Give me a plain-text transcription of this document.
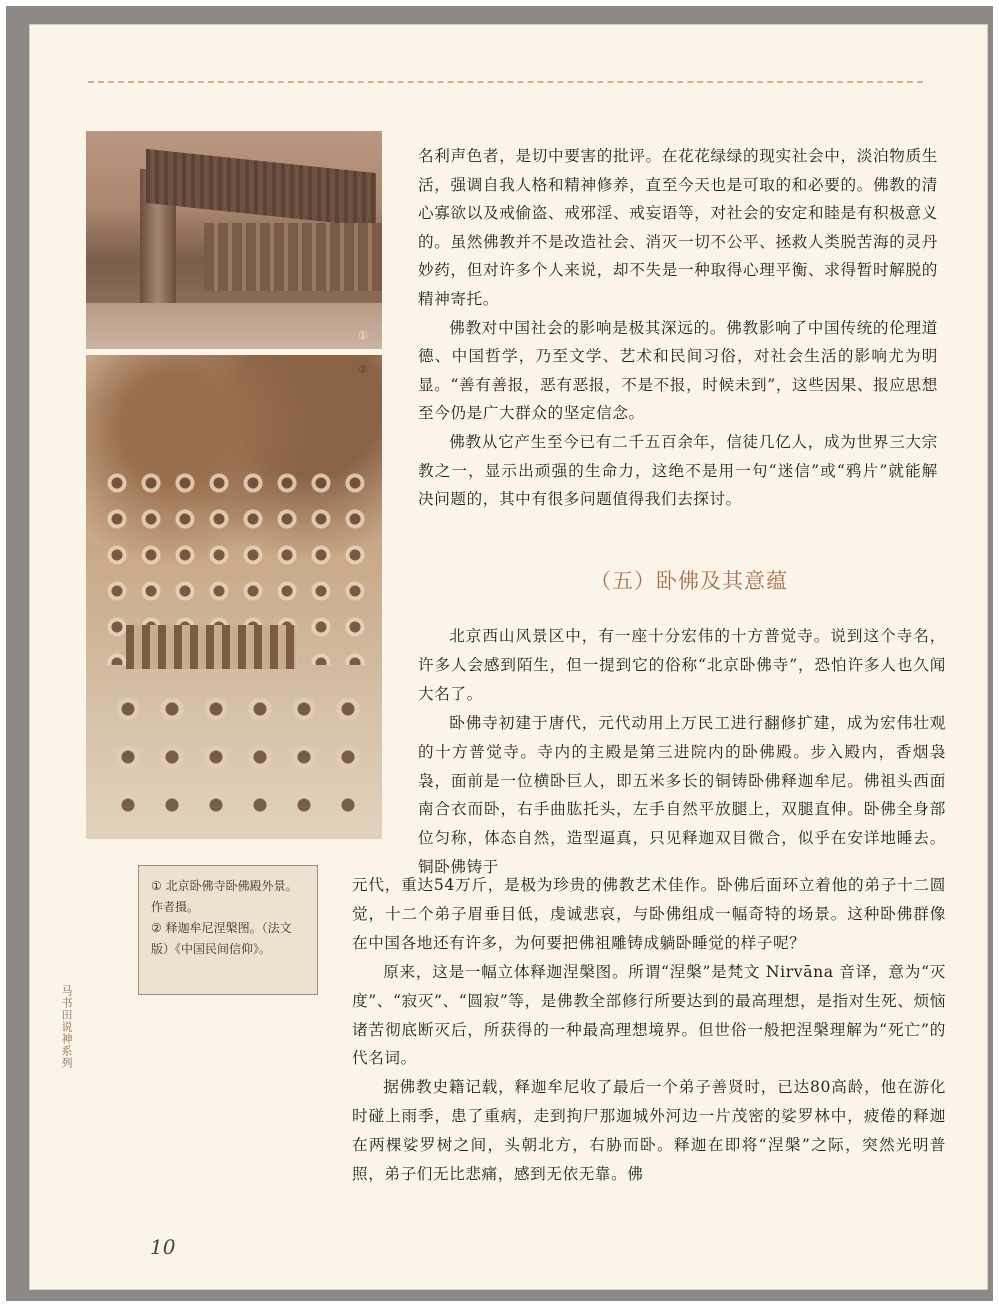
①
②

① 北京卧佛寺卧佛殿外景。作者摄。

② 释迦牟尼涅槃图。（法文版）《中国民间信仰》。

马书田说神系列

名利声色者，是切中要害的批评。在花花绿绿的现实社会中，淡泊物质生活，强调自我人格和精神修养，直至今天也是可取的和必要的。佛教的清心寡欲以及戒偷盗、戒邪淫、戒妄语等，对社会的安定和睦是有积极意义的。虽然佛教并不是改造社会、消灭一切不公平、拯救人类脱苦海的灵丹妙药，但对许多个人来说，却不失是一种取得心理平衡、求得暂时解脱的精神寄托。

佛教对中国社会的影响是极其深远的。佛教影响了中国传统的伦理道德、中国哲学，乃至文学、艺术和民间习俗，对社会生活的影响尤为明显。“善有善报，恶有恶报，不是不报，时候未到”，这些因果、报应思想至今仍是广大群众的坚定信念。

佛教从它产生至今已有二千五百余年，信徒几亿人，成为世界三大宗教之一，显示出顽强的生命力，这绝不是用一句“迷信”或“鸦片”就能解决问题的，其中有很多问题值得我们去探讨。

（五）卧佛及其意蕴

北京西山风景区中，有一座十分宏伟的十方普觉寺。说到这个寺名，许多人会感到陌生，但一提到它的俗称“北京卧佛寺”，恐怕许多人也久闻大名了。

卧佛寺初建于唐代，元代动用上万民工进行翻修扩建，成为宏伟壮观的十方普觉寺。寺内的主殿是第三进院内的卧佛殿。步入殿内，香烟袅袅，面前是一位横卧巨人，即五米多长的铜铸卧佛释迦牟尼。佛祖头西面南合衣而卧，右手曲肱托头，左手自然平放腿上，双腿直伸。卧佛全身部位匀称，体态自然，造型逼真，只见释迦双目微合，似乎在安详地睡去。铜卧佛铸于

元代，重达54万斤，是极为珍贵的佛教艺术佳作。卧佛后面环立着他的弟子十二圆觉，十二个弟子眉垂目低，虔诚悲哀，与卧佛组成一幅奇特的场景。这种卧佛群像在中国各地还有许多，为何要把佛祖雕铸成躺卧睡觉的样子呢？

原来，这是一幅立体释迦涅槃图。所谓“涅槃”是梵文 Nirvāna 音译，意为“灭度”、“寂灭”、“圆寂”等，是佛教全部修行所要达到的最高理想，是指对生死、烦恼诸苦彻底断灭后，所获得的一种最高理想境界。但世俗一般把涅槃理解为“死亡”的代名词。

据佛教史籍记载，释迦牟尼收了最后一个弟子善贤时，已达80高龄，他在游化时碰上雨季，患了重病，走到拘尸那迦城外河边一片茂密的娑罗林中，疲倦的释迦在两棵娑罗树之间，头朝北方，右胁而卧。释迦在即将“涅槃”之际，突然光明普照，弟子们无比悲痛，感到无依无靠。佛

10
